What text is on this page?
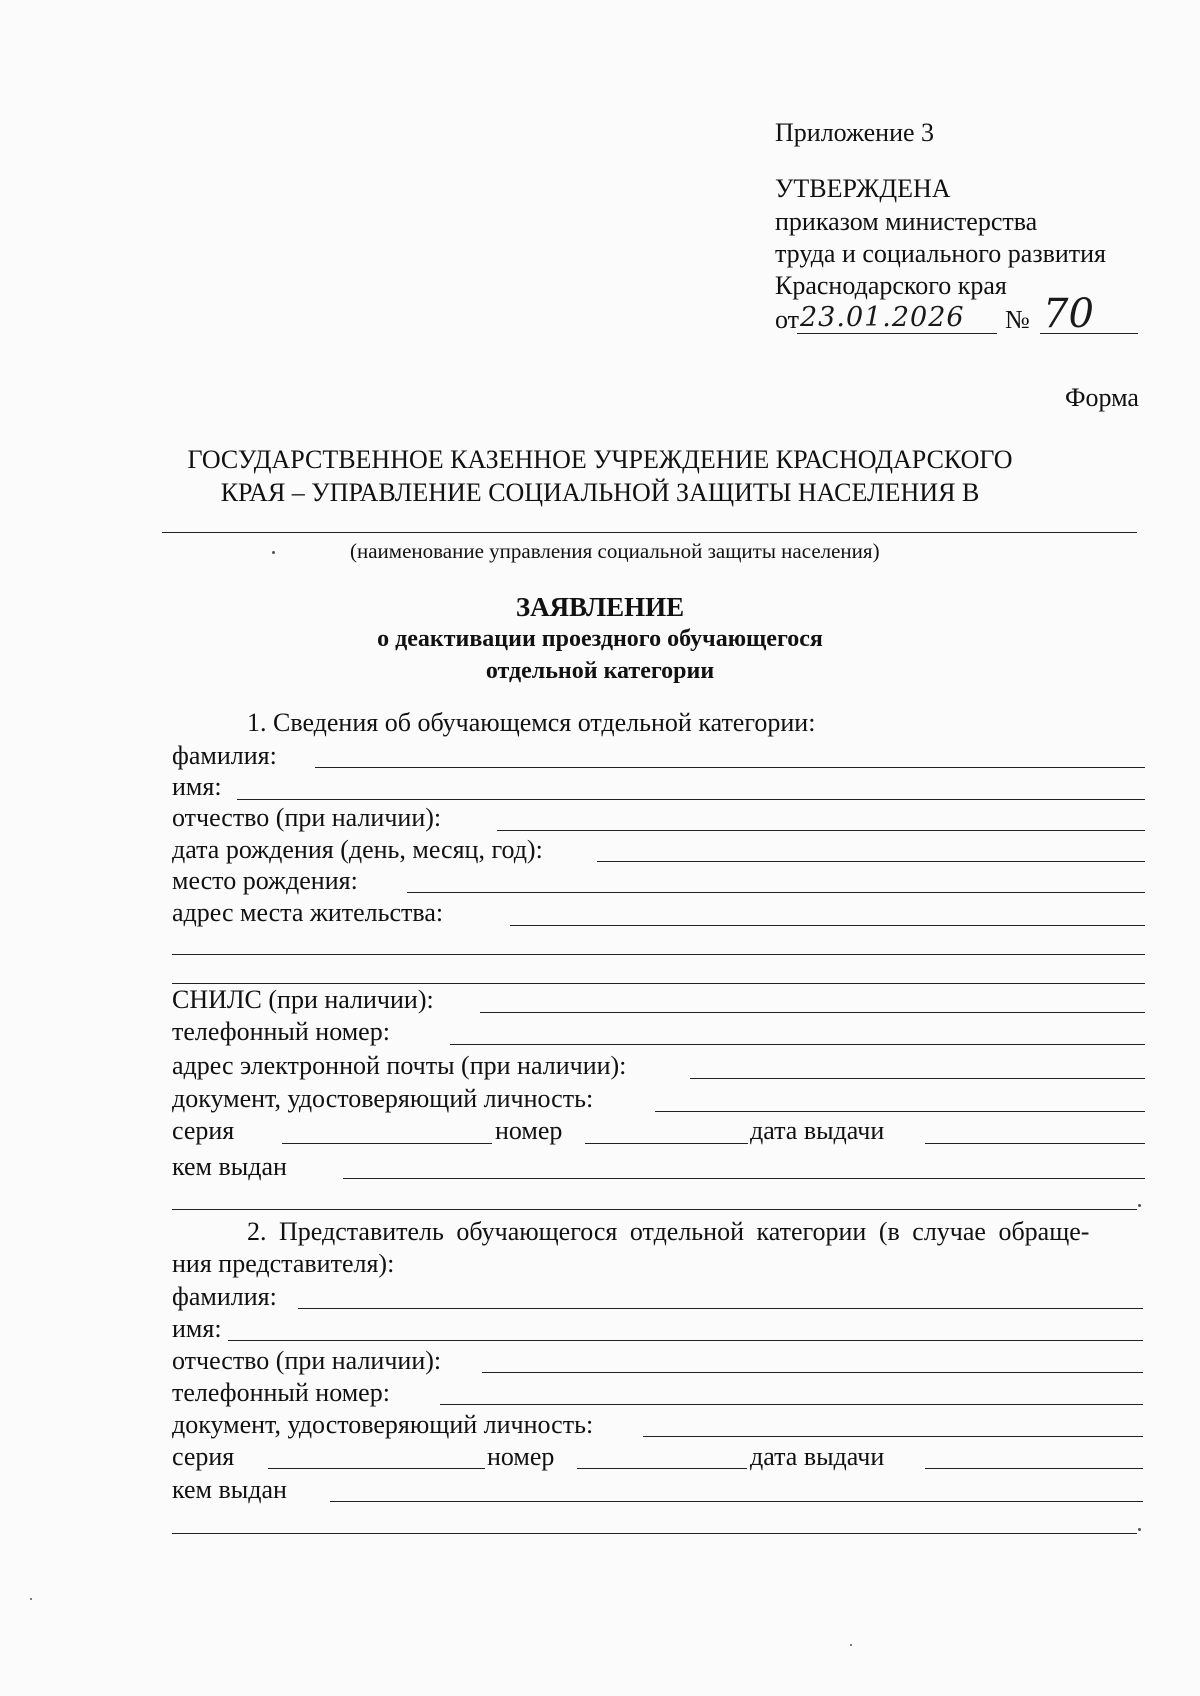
Приложение 3
УТВЕРЖДЕНА
приказом министерства
труда и социального развития
Краснодарского края
от 23.01.2026 № 70
Форма
ГОСУДАРСТВЕННОЕ КАЗЕННОЕ УЧРЕЖДЕНИЕ КРАСНОДАРСКОГО
КРАЯ – УПРАВЛЕНИЕ СОЦИАЛЬНОЙ ЗАЩИТЫ НАСЕЛЕНИЯ В
(наименование управления социальной защиты населения)
ЗАЯВЛЕНИЕ
о деактивации проездного обучающегося
отдельной категории
1. Сведения об обучающемся отдельной категории:
фамилия:
имя:
отчество (при наличии):
дата рождения (день, месяц, год):
место рождения:
адрес места жительства:
СНИЛС (при наличии):
телефонный номер:
адрес электронной почты (при наличии):
документ, удостоверяющий личность:
серия	номер	дата выдачи
кем выдан
2. Представитель обучающегося отдельной категории (в случае обраще-
ния представителя):
фамилия:
имя:
отчество (при наличии):
телефонный номер:
документ, удостоверяющий личность:
серия	номер	дата выдачи
кем выдан
